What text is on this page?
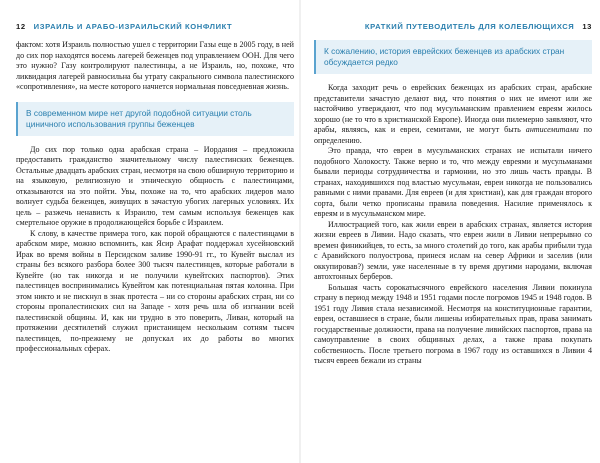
12 ИЗРАИЛЬ И АРАБО-ИЗРАИЛЬСКИЙ КОНФЛИКТ

фактом: хотя Израиль полностью ушел с территории Газы еще в 2005 году, в ней до сих пор находятся восемь лагерей беженцев под управлением ООН. Для чего это нужно? Газу контролируют палестинцы, а не Израиль, но, похоже, что ликвидация лагерей равносильна бы утрату сакрального символа палестинского «сопротивления», на месте которого начнется нормальная повседневная жизнь.

В современном мире нет другой подобной ситуации столь циничного использования группы беженцев

До сих пор только одна арабская страна – Иордания – предложила предоставить гражданство значительному числу палестинских беженцев. Остальные двадцать арабских стран, несмотря на свою обширную территорию и на языковую, религиозную и этническую общность с палестинцами, отказываются на это пойти. Увы, похоже на то, что арабских лидеров мало волнует судьба беженцев, живущих в зачастую убогих лагерных условиях. Их цель – разжечь ненависть к Израилю, тем самым используя беженцев как смертельное оружие в продолжающейся борьбе с Израилем.

К слову, в качестве примера того, как порой обращаются с палестинцами в арабском мире, можно вспомнить, как Ясир Арафат поддержал хусейновский Ирак во время войны в Персидском заливе 1990-91 гг., то Кувейт выслал из страны без всякого разбора более 300 тысяч палестинцев, которые работали в Кувейте (но так никогда и не получили кувейтских паспортов). Этих палестинцев воспринимались Кувейтом как потенциальная пятая колонна. При этом никто и не пискнул в знак протеста – ни со стороны арабских стран, ни со стороны пропалестинских сил на Западе - хотя речь шла об изгнании всей палестинской общины. И, как ни трудно в это поверить, Ливан, который на протяжении десятилетий служил пристанищем нескольким сотням тысяч палестинцев, по-прежнему не допускал их до работы во многих профессиональных сферах.

КРАТКИЙ ПУТЕВОДИТЕЛЬ ДЛЯ КОЛЕБЛЮЩИХСЯ 13
К сожалению, история еврейских беженцев из арабских стран обсуждается редко

Когда заходит речь о еврейских беженцах из арабских стран, арабские представители зачастую делают вид, что понятия о них не имеют или же настойчиво утверждают, что под мусульманским правлением евреям жилось хорошо (не то что в христианской Европе). Иногда они пилемерно заявляют, что арабы, являясь, как и евреи, семитами, не могут быть антисемитами по определению.

Это правда, что евреи в мусульманских странах не испытали ничего подобного Холокосту. Также верно и то, что между евреями и мусульманами бывали периоды сотрудничества и гармонии, но это лишь часть правды. В странах, находившихся под властью мусульман, евреи никогда не пользовались равными с ними правами. Для евреев (и для христиан), как для граждан второго сорта, были четко прописаны правила поведения. Насилие применялось к евреям и в мусульманском мире.

Иллюстрацией того, как жили евреи в арабских странах, является история жизни евреев в Ливии. Надо сказать, что евреи жили в Ливии непрерывно со времен финикийцев, то есть, за много столетий до того, как арабы прибыли туда с Аравийского полуострова, принеся ислам на север Африки и заселив (или оккупировав?) земли, уже населенные в ту время другими народами, включая автохтонных берберов.

Большая часть сорокатысячного еврейского населения Ливии покинула страну в период между 1948 и 1951 годами после погромов 1945 и 1948 годов. В 1951 году Ливия стала независимой. Несмотря на конституционные гарантии, евреи, оставшиеся в стране, были лишены избирательных прав, права занимать государственные должности, права на получение ливийских паспортов, права на самоуправление в своих общинных делах, а также права покупать собственность. После третьего погрома в 1967 году из оставшихся в Ливии 4 тысяч евреев бежали из страны
